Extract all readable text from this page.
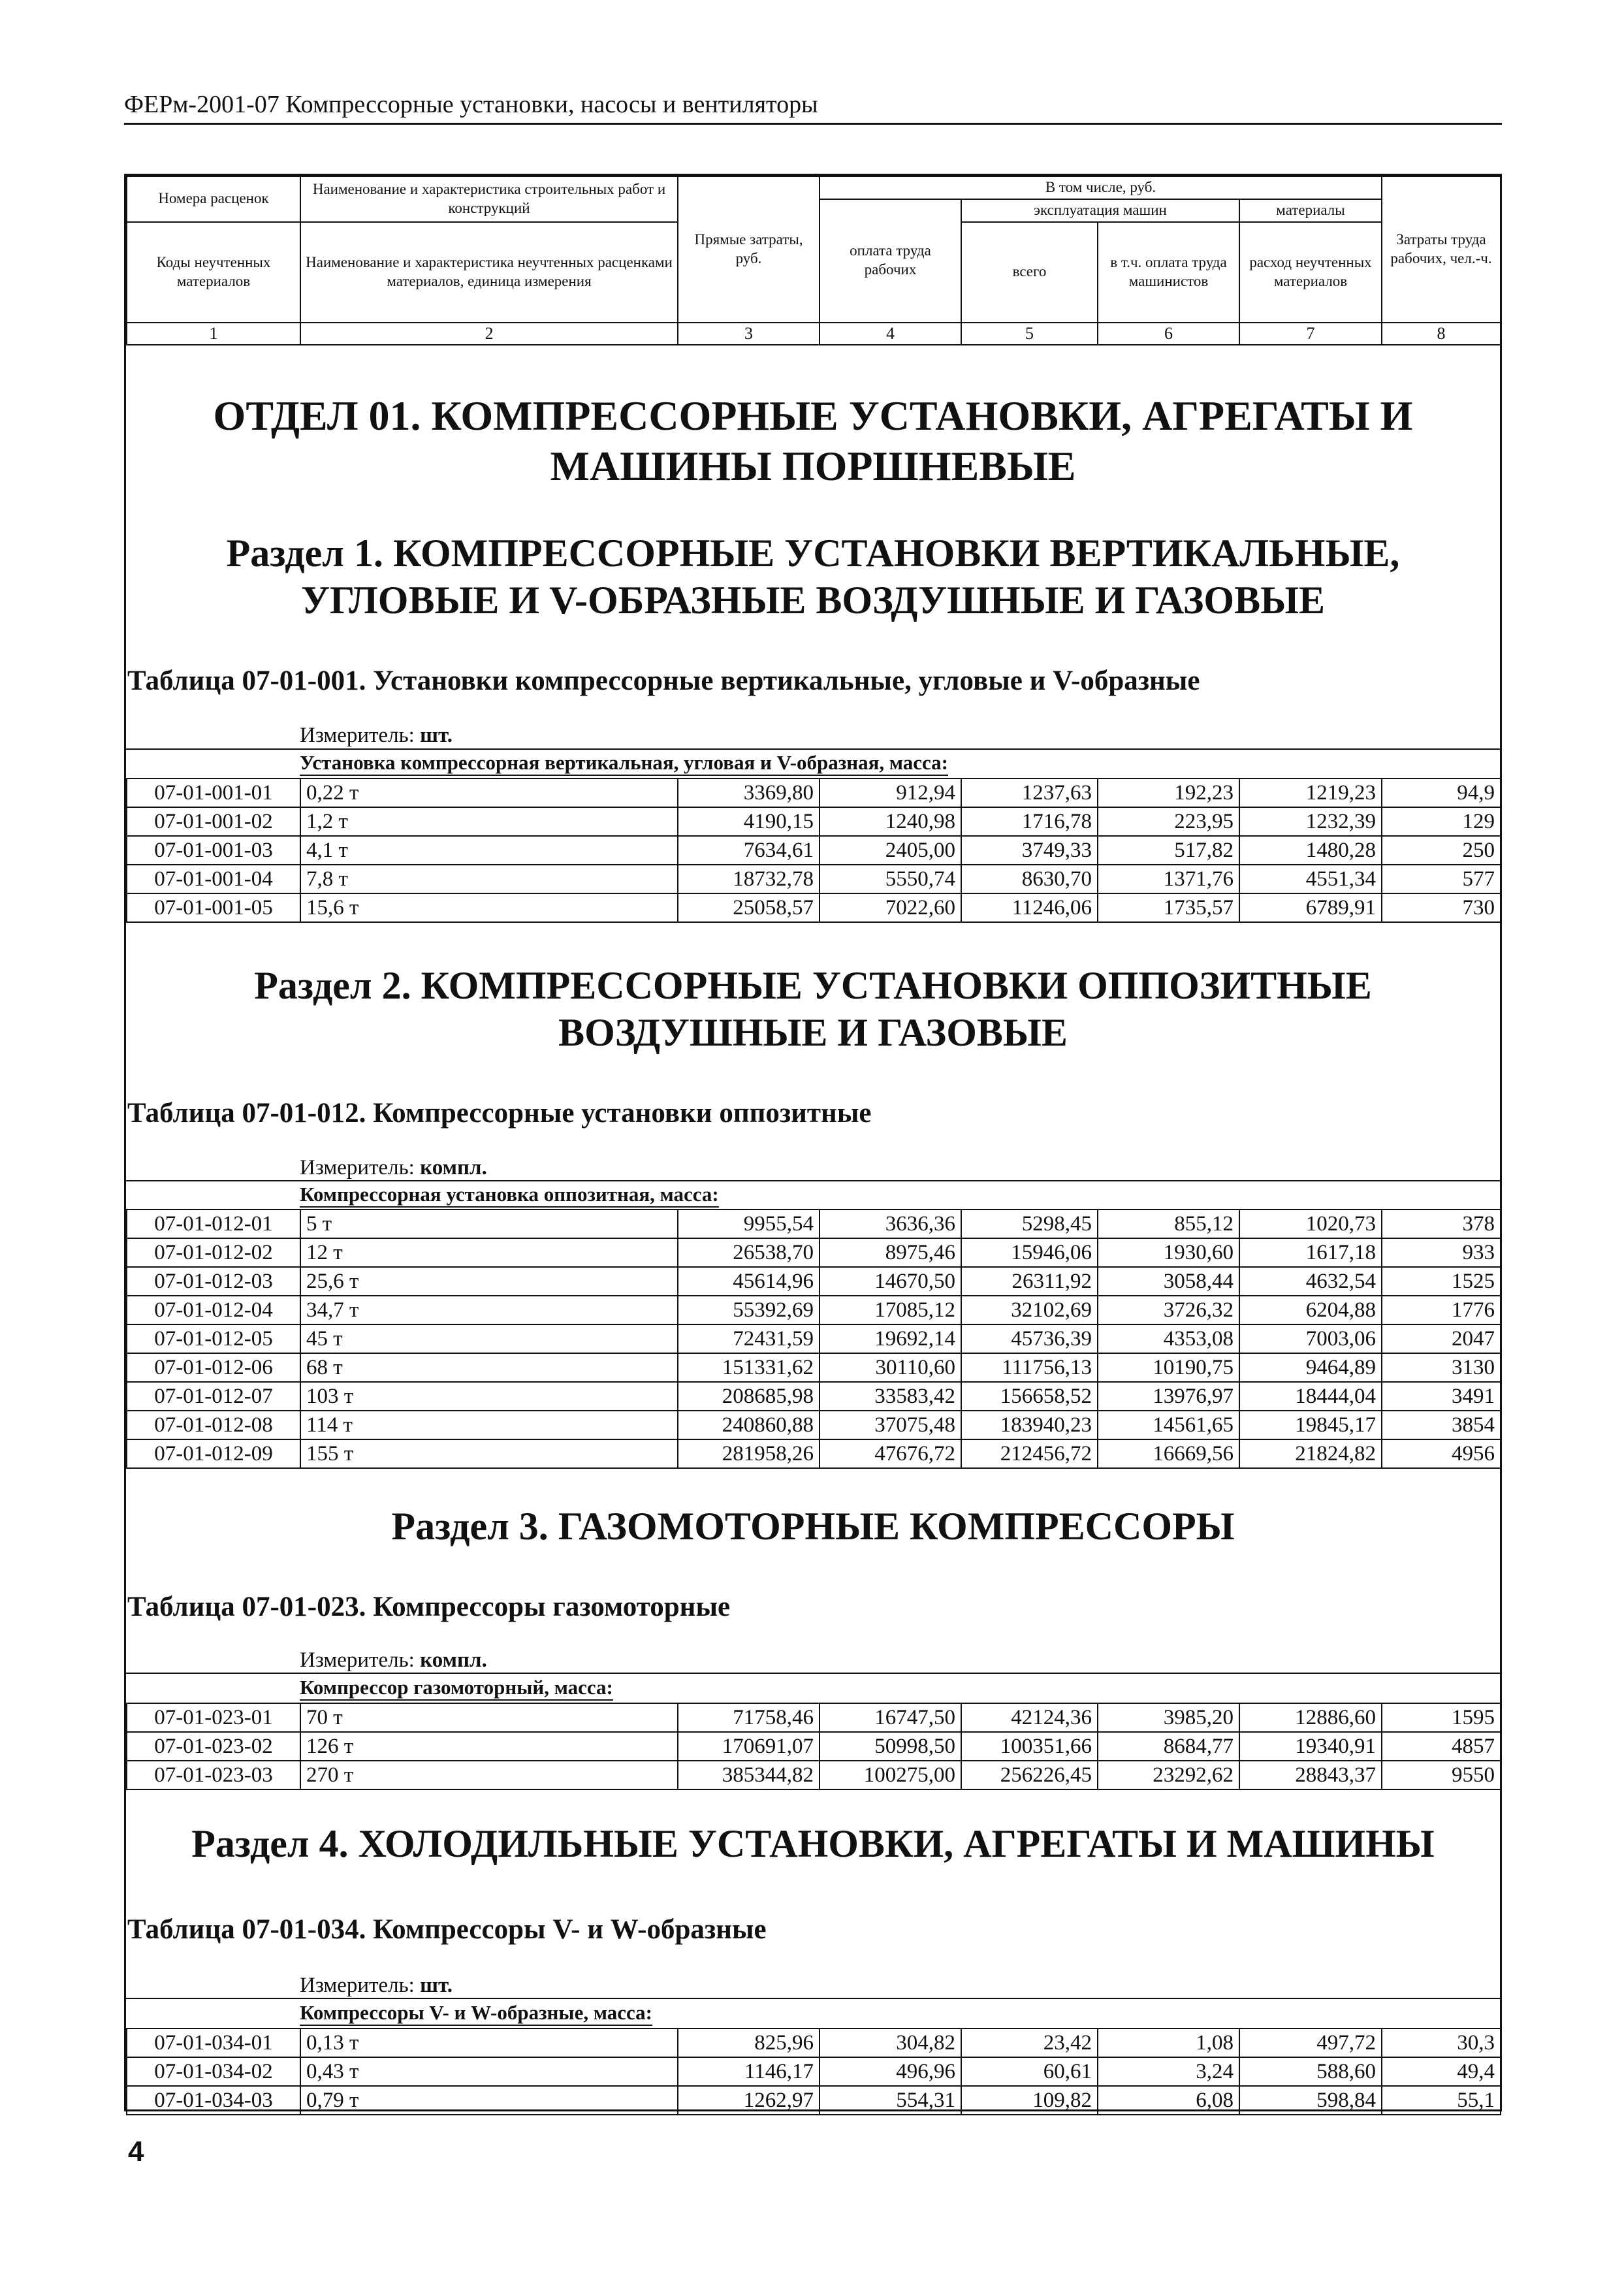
ФЕРм-2001-07 Компрессорные установки, насосы и вентиляторы
Номера расценок	Наименование и характеристика строительных работ и конструкций	Прямые затраты, руб.	В том числе, руб.				Затраты труда рабочих, чел.-ч.
			оплата труда рабочих	эксплуатация машин		материалы	
Коды неучтенных материалов	Наименование и характеристика неучтенных расценками материалов, единица измерения			всего	в т.ч. оплата труда машинистов	расход неучтенных материалов	

1	2	3	4	5	6	7	8
ОТДЕЛ 01. КОМПРЕССОРНЫЕ УСТАНОВКИ, АГРЕГАТЫ И МАШИНЫ ПОРШНЕВЫЕ
Раздел 1. КОМПРЕССОРНЫЕ УСТАНОВКИ ВЕРТИКАЛЬНЫЕ, УГЛОВЫЕ И V-ОБРАЗНЫЕ ВОЗДУШНЫЕ И ГАЗОВЫЕ
Таблица 07-01-001. Установки компрессорные вертикальные, угловые и V-образные
Измеритель: шт.
Установка компрессорная вертикальная, угловая и V-образная, масса:
07-01-001-01	0,22 т	3369,80	912,94	1237,63	192,23	1219,23	94,9
07-01-001-02	1,2 т	4190,15	1240,98	1716,78	223,95	1232,39	129
07-01-001-03	4,1 т	7634,61	2405,00	3749,33	517,82	1480,28	250
07-01-001-04	7,8 т	18732,78	5550,74	8630,70	1371,76	4551,34	577
07-01-001-05	15,6 т	25058,57	7022,60	11246,06	1735,57	6789,91	730
Раздел 2. КОМПРЕССОРНЫЕ УСТАНОВКИ ОППОЗИТНЫЕ ВОЗДУШНЫЕ И ГАЗОВЫЕ
Таблица 07-01-012. Компрессорные установки оппозитные
Измеритель: компл.
Компрессорная установка оппозитная, масса:
07-01-012-01	5 т	9955,54	3636,36	5298,45	855,12	1020,73	378
07-01-012-02	12 т	26538,70	8975,46	15946,06	1930,60	1617,18	933
07-01-012-03	25,6 т	45614,96	14670,50	26311,92	3058,44	4632,54	1525
07-01-012-04	34,7 т	55392,69	17085,12	32102,69	3726,32	6204,88	1776
07-01-012-05	45 т	72431,59	19692,14	45736,39	4353,08	7003,06	2047
07-01-012-06	68 т	151331,62	30110,60	111756,13	10190,75	9464,89	3130
07-01-012-07	103 т	208685,98	33583,42	156658,52	13976,97	18444,04	3491
07-01-012-08	114 т	240860,88	37075,48	183940,23	14561,65	19845,17	3854
07-01-012-09	155 т	281958,26	47676,72	212456,72	16669,56	21824,82	4956
Раздел 3. ГАЗОМОТОРНЫЕ КОМПРЕССОРЫ
Таблица 07-01-023. Компрессоры газомоторные
Измеритель: компл.
Компрессор газомоторный, масса:
07-01-023-01	70 т	71758,46	16747,50	42124,36	3985,20	12886,60	1595
07-01-023-02	126 т	170691,07	50998,50	100351,66	8684,77	19340,91	4857
07-01-023-03	270 т	385344,82	100275,00	256226,45	23292,62	28843,37	9550
Раздел 4. ХОЛОДИЛЬНЫЕ УСТАНОВКИ, АГРЕГАТЫ И МАШИНЫ
Таблица 07-01-034. Компрессоры V- и W-образные
Измеритель: шт.
Компрессоры V- и W-образные, масса:
07-01-034-01	0,13 т	825,96	304,82	23,42	1,08	497,72	30,3
07-01-034-02	0,43 т	1146,17	496,96	60,61	3,24	588,60	49,4
07-01-034-03	0,79 т	1262,97	554,31	109,82	6,08	598,84	55,1
4
